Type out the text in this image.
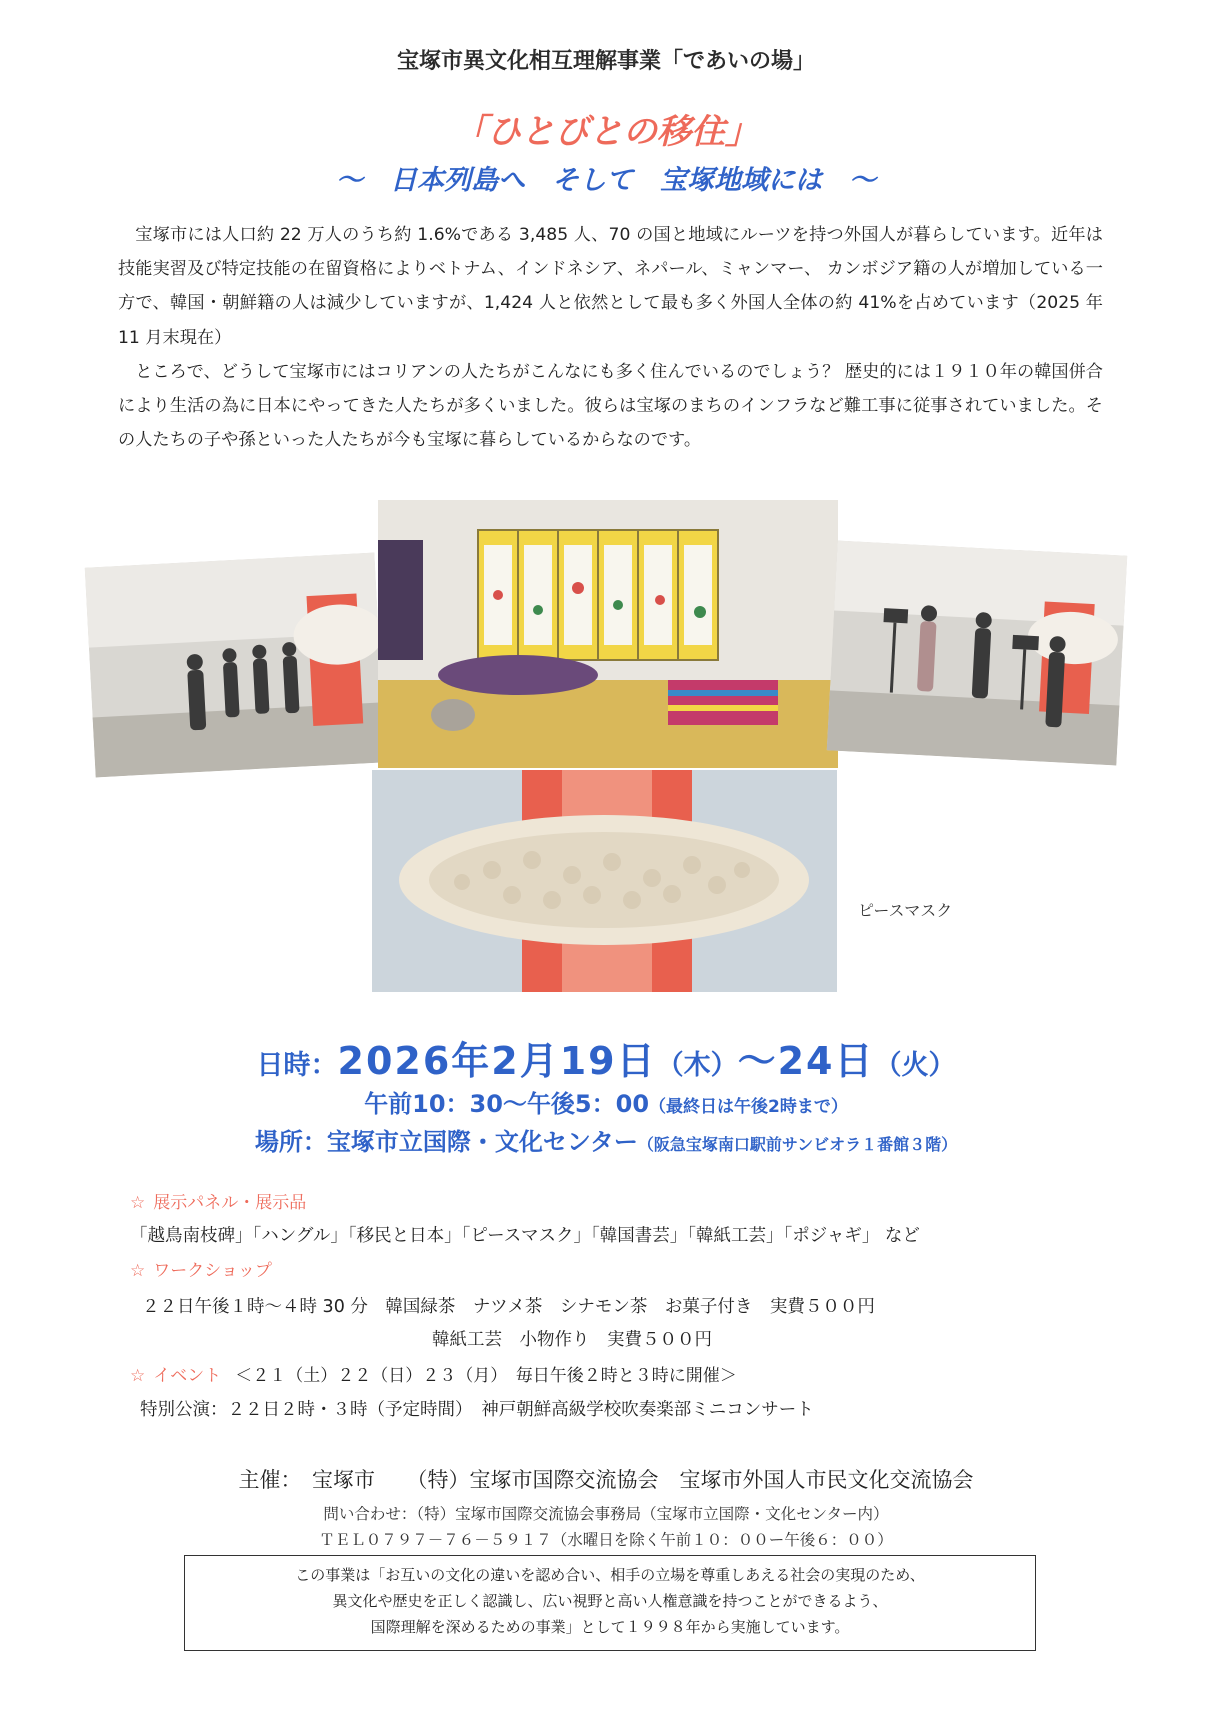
宝塚市異文化相互理解事業「であいの場」
「ひとびとの移住」
～　日本列島へ　そして　宝塚地域には　～

宝塚市には人口約 22 万人のうち約 1.6%である 3,485 人、70 の国と地域にルーツを持つ外国人が暮らしています。近年は技能実習及び特定技能の在留資格によりベトナム、インドネシア、ネパール、ミャンマー、 カンボジア籍の人が増加している一方で、韓国・朝鮮籍の人は減少していますが、1,424 人と依然として最も多く外国人全体の約 41%を占めています（2025 年 11 月末現在）

ところで、どうして宝塚市にはコリアンの人たちがこんなにも多く住んでいるのでしょう？ 歴史的には１９１０年の韓国併合により生活の為に日本にやってきた人たちが多くいました。彼らは宝塚のまちのインフラなど難工事に従事されていました。その人たちの子や孫といった人たちが今も宝塚に暮らしているからなのです。

ピースマスク
日時：2026年2月19日（木）～24日（火）
午前10：30～午後5：00（最終日は午後2時まで）
場所：宝塚市立国際・文化センター（阪急宝塚南口駅前サンビオラ１番館３階）
☆ 展示パネル・展示品
「越鳥南枝碑」「ハングル」「移民と日本」「ピースマスク」「韓国書芸」「韓紙工芸」「ポジャギ」 など
☆ ワークショップ
２２日午後１時～４時 30 分　韓国緑茶　ナツメ茶　シナモン茶　お菓子付き　実費５００円
韓紙工芸　小物作り　実費５００円
☆ イベント ＜２１（土）２２（日）２３（月）　毎日午後２時と３時に開催＞
特別公演：２２日２時・３時（予定時間）　神戸朝鮮高級学校吹奏楽部ミニコンサート
主催：　宝塚市　　（特）宝塚市国際交流協会　宝塚市外国人市民文化交流協会
問い合わせ：（特）宝塚市国際交流協会事務局（宝塚市立国際・文化センター内）
ＴＥＬ０７９７－７６－５９１７（水曜日を除く午前１０：００ー午後６：００）
この事業は「お互いの文化の違いを認め合い、相手の立場を尊重しあえる社会の実現のため、
異文化や歴史を正しく認識し、広い視野と高い人権意識を持つことができるよう、
国際理解を深めるための事業」として１９９８年から実施しています。
